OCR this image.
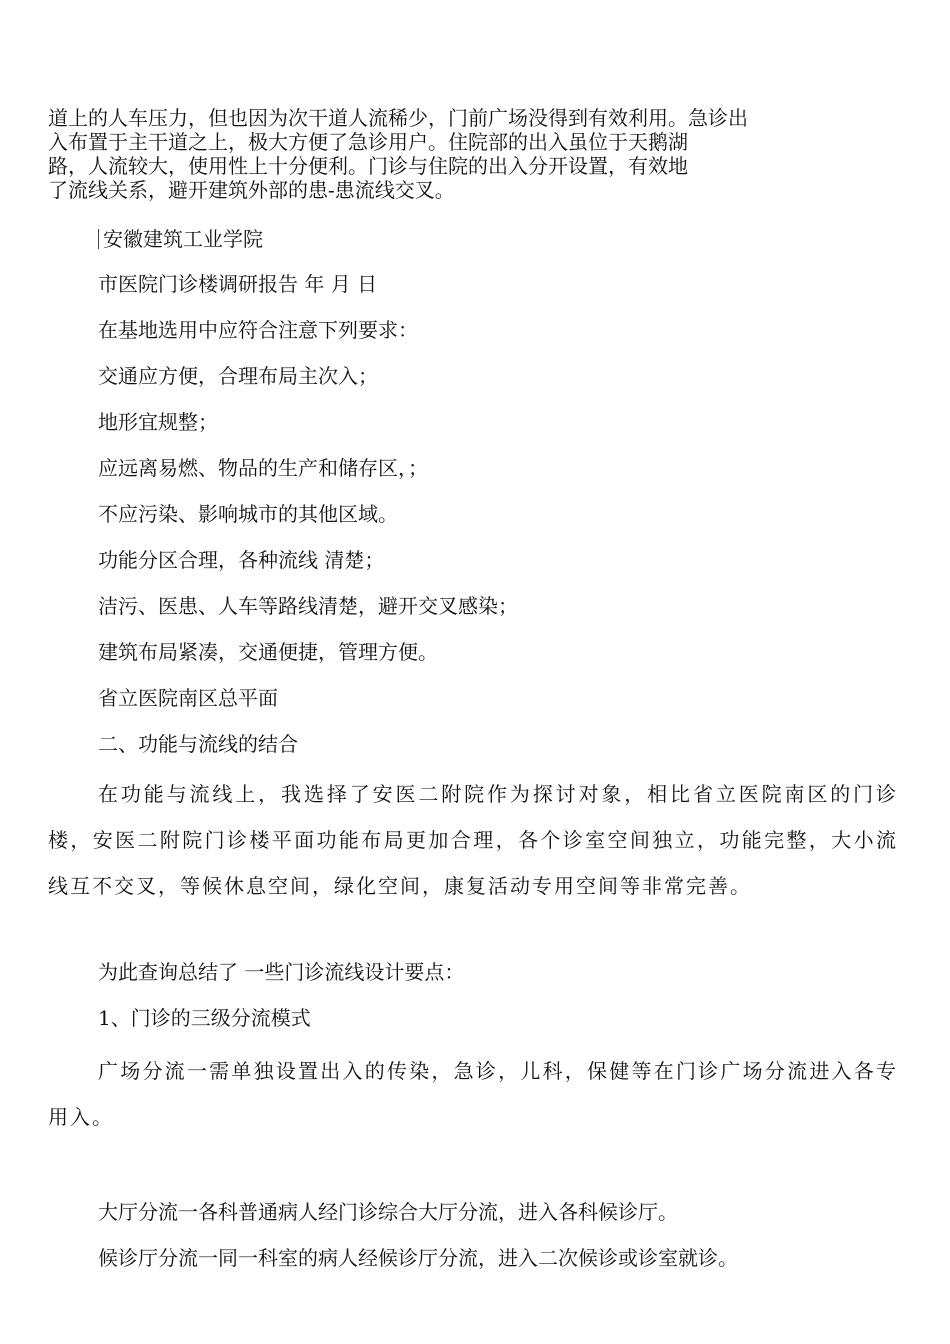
道上的人车压力，但也因为次干道人流稀少，门前广场没得到有效利用。急诊出
入布置于主干道之上，极大方便了急诊用户。住院部的出入虽位于天鹅湖
路，人流较大，使用性上十分便利。门诊与住院的出入分开设置，有效地
了流线关系，避开建筑外部的患-患流线交叉。
安徽建筑工业学院
市医院门诊楼调研报告 年 月 日
在基地选用中应符合注意下列要求：
交通应方便，合理布局主次入；
地形宜规整；
应远离易燃、物品的生产和储存区，；
不应污染、影响城市的其他区域。
功能分区合理，各种流线 清楚；
洁污、医患、人车等路线清楚，避开交叉感染；
建筑布局紧凑，交通便捷，管理方便。
省立医院南区总平面
二、功能与流线的结合
在功能与流线上，我选择了安医二附院作为探讨对象，相比省立医院南区的门诊楼，安医二附院门诊楼平面功能布局更加合理，各个诊室空间独立，功能完整，大小流线互不交叉，等候休息空间，绿化空间，康复活动专用空间等非常完善。
为此查询总结了 一些门诊流线设计要点：
1、门诊的三级分流模式
广场分流一需单独设置出入的传染，急诊，儿科，保健等在门诊广场分流进入各专用入。
大厅分流一各科普通病人经门诊综合大厅分流，进入各科候诊厅。
候诊厅分流一同一科室的病人经候诊厅分流，进入二次候诊或诊室就诊。
